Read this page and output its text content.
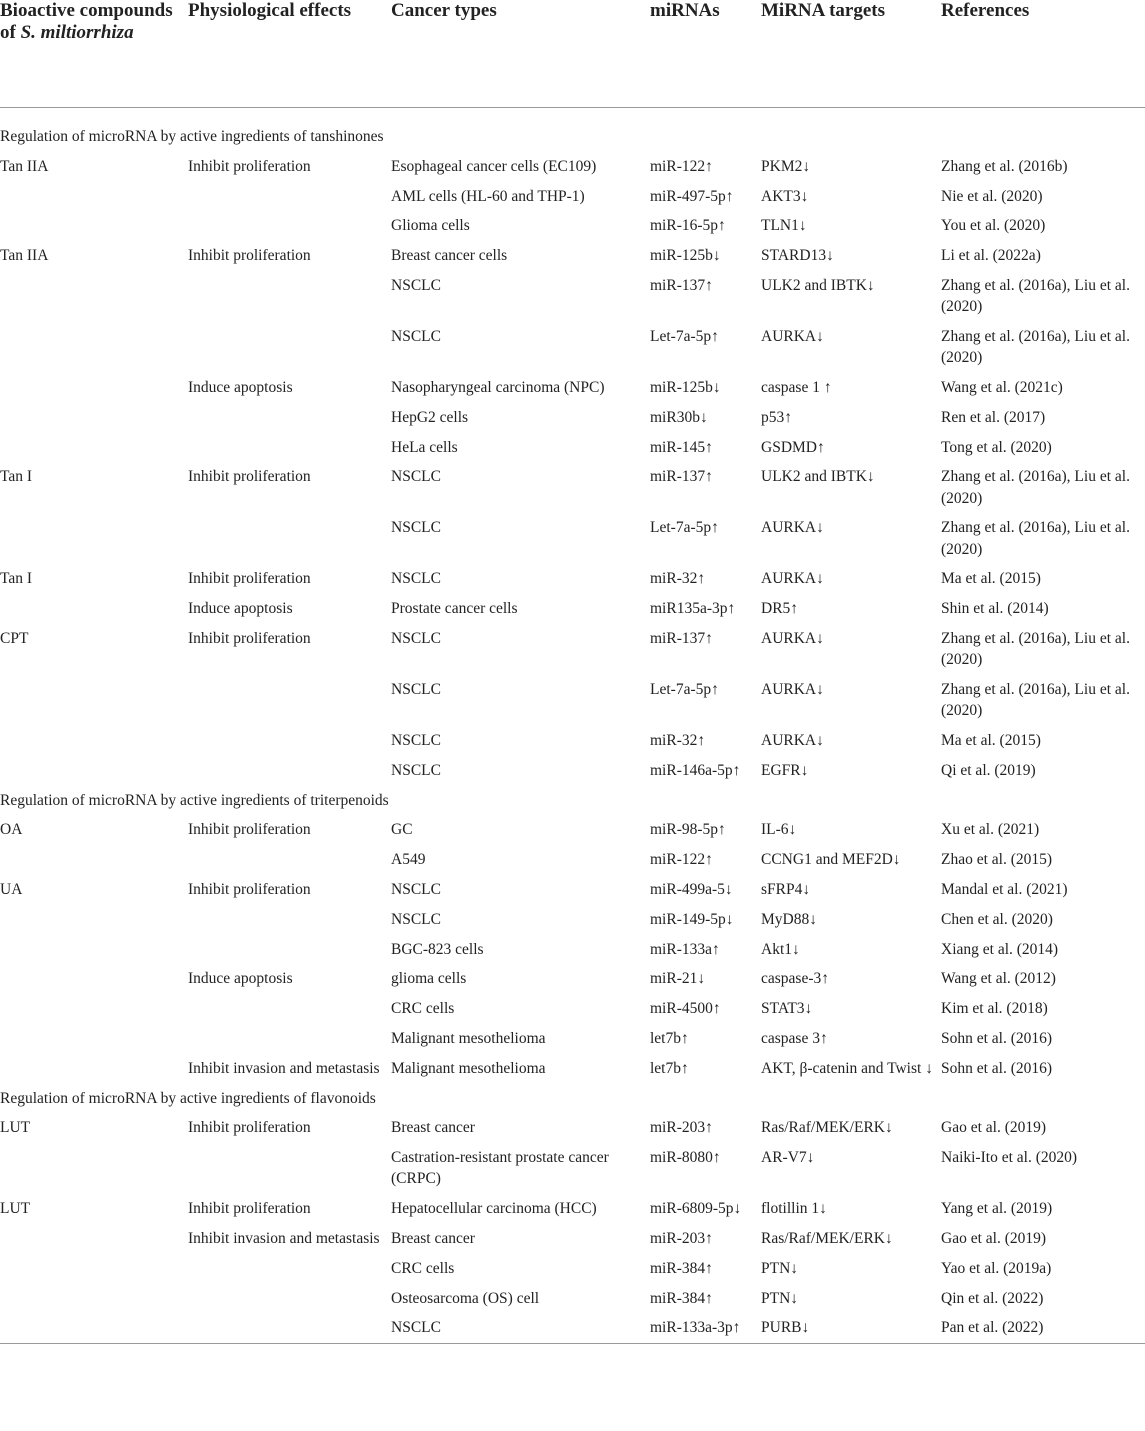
Bioactive compounds of S. miltiorrhiza	Physiological effects	Cancer types	miRNAs	MiRNA targets	References
Regulation of microRNA by active ingredients of tanshinones					
Tan IIA	Inhibit proliferation	Esophageal cancer cells (EC109)	miR-122↑	PKM2↓	Zhang et al. (2016b)
		AML cells (HL-60 and THP-1)	miR-497-5p↑	AKT3↓	Nie et al. (2020)
		Glioma cells	miR-16-5p↑	TLN1↓	You et al. (2020)
Tan IIA	Inhibit proliferation	Breast cancer cells	miR-125b↓	STARD13↓	Li et al. (2022a)
		NSCLC	miR-137↑	ULK2 and IBTK↓	Zhang et al. (2016a), Liu et al. (2020)
		NSCLC	Let-7a-5p↑	AURKA↓	Zhang et al. (2016a), Liu et al. (2020)
	Induce apoptosis	Nasopharyngeal carcinoma (NPC)	miR-125b↓	caspase 1 ↑	Wang et al. (2021c)
		HepG2 cells	miR30b↓	p53↑	Ren et al. (2017)
		HeLa cells	miR-145↑	GSDMD↑	Tong et al. (2020)
Tan I	Inhibit proliferation	NSCLC	miR-137↑	ULK2 and IBTK↓	Zhang et al. (2016a), Liu et al. (2020)
		NSCLC	Let-7a-5p↑	AURKA↓	Zhang et al. (2016a), Liu et al. (2020)
Tan I	Inhibit proliferation	NSCLC	miR-32↑	AURKA↓	Ma et al. (2015)
	Induce apoptosis	Prostate cancer cells	miR135a-3p↑	DR5↑	Shin et al. (2014)
CPT	Inhibit proliferation	NSCLC	miR-137↑	AURKA↓	Zhang et al. (2016a), Liu et al. (2020)
		NSCLC	Let-7a-5p↑	AURKA↓	Zhang et al. (2016a), Liu et al. (2020)
		NSCLC	miR-32↑	AURKA↓	Ma et al. (2015)
		NSCLC	miR-146a-5p↑	EGFR↓	Qi et al. (2019)
Regulation of microRNA by active ingredients of triterpenoids					
OA	Inhibit proliferation	GC	miR-98-5p↑	IL-6↓	Xu et al. (2021)
		A549	miR-122↑	CCNG1 and MEF2D↓	Zhao et al. (2015)
UA	Inhibit proliferation	NSCLC	miR-499a-5↓	sFRP4↓	Mandal et al. (2021)
		NSCLC	miR-149-5p↓	MyD88↓	Chen et al. (2020)
		BGC-823 cells	miR-133a↑	Akt1↓	Xiang et al. (2014)
	Induce apoptosis	glioma cells	miR-21↓	caspase-3↑	Wang et al. (2012)
		CRC cells	miR-4500↑	STAT3↓	Kim et al. (2018)
		Malignant mesothelioma	let7b↑	caspase 3↑	Sohn et al. (2016)
	Inhibit invasion and metastasis	Malignant mesothelioma	let7b↑	AKT, β-catenin and Twist ↓	Sohn et al. (2016)
Regulation of microRNA by active ingredients of flavonoids					
LUT	Inhibit proliferation	Breast cancer	miR-203↑	Ras/Raf/MEK/ERK↓	Gao et al. (2019)
		Castration-resistant prostate cancer (CRPC)	miR-8080↑	AR-V7↓	Naiki-Ito et al. (2020)
LUT	Inhibit proliferation	Hepatocellular carcinoma (HCC)	miR-6809-5p↓	flotillin 1↓	Yang et al. (2019)
	Inhibit invasion and metastasis	Breast cancer	miR-203↑	Ras/Raf/MEK/ERK↓	Gao et al. (2019)
		CRC cells	miR-384↑	PTN↓	Yao et al. (2019a)
		Osteosarcoma (OS) cell	miR-384↑	PTN↓	Qin et al. (2022)
		NSCLC	miR-133a-3p↑	PURB↓	Pan et al. (2022)
